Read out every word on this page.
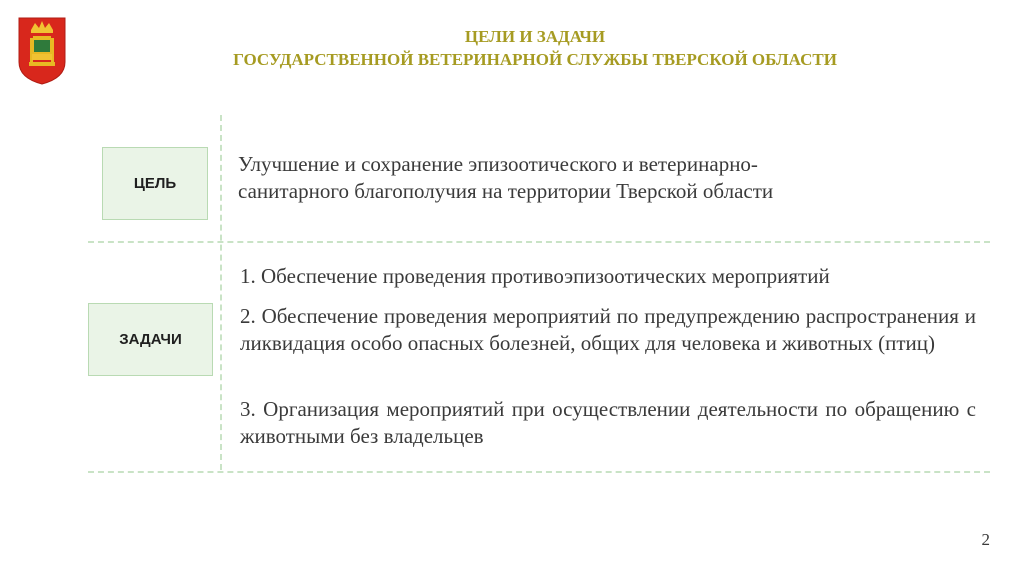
ЦЕЛИ И ЗАДАЧИ
ГОСУДАРСТВЕННОЙ ВЕТЕРИНАРНОЙ СЛУЖБЫ ТВЕРСКОЙ ОБЛАСТИ
ЦЕЛЬ
Улучшение и сохранение эпизоотического и ветеринарно-
санитарного благополучия на территории Тверской области
ЗАДАЧИ

1. Обеспечение проведения противоэпизоотических мероприятий

2. Обеспечение проведения мероприятий по предупреждению распространения и ликвидация особо опасных болезней, общих для человека и животных (птиц)

3. Организация мероприятий при осуществлении деятельности по обращению с животными без владельцев

2
